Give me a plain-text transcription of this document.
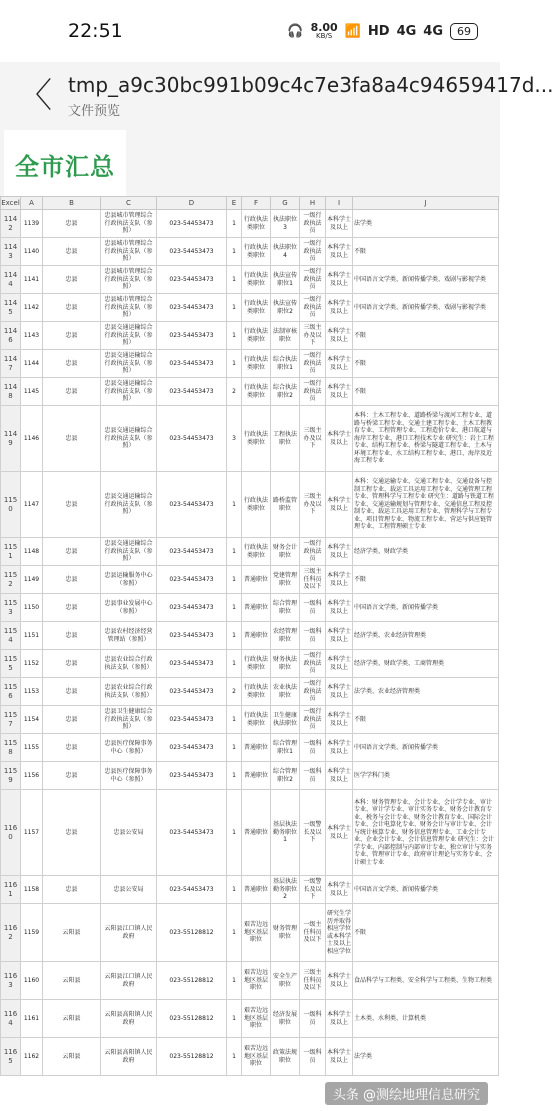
22:51	🎧 8.00
KB/S 📶 HD 4G 4G	69
〈 tmp_a9c30bc991b09c4c7e3fa8a4c94659417d...
文件预览
全市汇总
Excel	A	B	C	D	E	F	G	H	I	J
1142	1139	忠县	忠县城市管理综合行政执法支队（参照）	023-54453473	1	行政执法类职位	执法职位3	一级行政执法员	本科学士及以上	法学类
1143	1140	忠县	忠县城市管理综合行政执法支队（参照）	023-54453473	1	行政执法类职位	执法职位4	一级行政执法员	本科学士及以上	不限
1144	1141	忠县	忠县城市管理综合行政执法支队（参照）	023-54453473	1	行政执法类职位	执法宣传职位1	一级行政执法员	本科学士及以上	中国语言文学类、新闻传播学类、戏剧与影视学类
1145	1142	忠县	忠县城市管理综合行政执法支队（参照）	023-54453473	1	行政执法类职位	执法宣传职位2	一级行政执法员	本科学士及以上	中国语言文学类、新闻传播学类、戏剧与影视学类
1146	1143	忠县	忠县交通运输综合行政执法支队（参照）	023-54453473	1	行政执法类职位	法制审核职位	三级主办及以下	本科学士及以上	不限
1147	1144	忠县	忠县交通运输综合行政执法支队（参照）	023-54453473	1	行政执法类职位	综合执法职位1	一级行政执法员	本科学士及以上	不限
1148	1145	忠县	忠县交通运输综合行政执法支队（参照）	023-54453473	2	行政执法类职位	综合执法职位2	一级行政执法员	本科学士及以上	不限
1149	1146	忠县	忠县交通运输综合行政执法支队（参照）	023-54453473	3	行政执法类职位	工程执法职位	三级主办及以下	本科学士及以上	本科：土木工程专业、道路桥梁与渡河工程专业、道路与桥梁工程专业、交通土建工程专业、土木工程教育专业、工程管理专业、工程造价专业、港口航道与海岸工程专业、港口工程技术专业 研究生：岩土工程专业、结构工程专业、桥梁与隧道工程专业、土木与环境工程专业、水工结构工程专业、港口、海岸及近海工程专业
1150	1147	忠县	忠县交通运输综合行政执法支队（参照）	023-54453473	1	行政执法类职位	路桥监管职位	三级主办及以下	本科学士及以上	本科：交通运输专业、交通工程专业、交通设备与控制工程专业、载运工具运用工程专业、交通管理工程专业、管理科学与工程专业 研究生：道路与铁道工程专业、交通运输规划与管理专业、交通信息工程及控制专业、载运工具运用工程专业、管理科学与工程专业、项目管理专业、物流工程专业、营运与供应链管理专业、工程管理硕士专业
1151	1148	忠县	忠县交通运输综合行政执法支队（参照）	023-54453473	1	行政执法类职位	财务会计职位	一级行政执法员	本科学士及以上	经济学类、财政学类
1152	1149	忠县	忠县运输服务中心（参照）	023-54453473	1	普通职位	党建管理职位	三级主任科员及以下	本科学士及以上	不限
1153	1150	忠县	忠县事业发展中心（参照）	023-54453473	1	普通职位	综合管理职位	一级科员	本科学士及以上	中国语言文学类、新闻传播学类
1154	1151	忠县	忠县农村经济经营管理站（参照）	023-54453473	1	普通职位	农经管理职位	一级科员	本科学士及以上	经济学类、农业经济管理类
1155	1152	忠县	忠县农业综合行政执法支队（参照）	023-54453473	1	行政执法类职位	财务执法职位	一级行政执法员	本科学士及以上	经济学类、财政学类、工商管理类
1156	1153	忠县	忠县农业综合行政执法支队（参照）	023-54453473	2	行政执法类职位	农业执法职位	一级行政执法员	本科学士及以上	法学类、农业经济管理类
1157	1154	忠县	忠县卫生健康综合行政执法支队（参照）	023-54453473	1	行政执法类职位	卫生健康执法职位	一级行政执法员	本科学士及以上	不限
1158	1155	忠县	忠县医疗保障事务中心（参照）	023-54453473	1	普通职位	综合管理职位1	一级科员	本科学士及以上	中国语言文学类、新闻传播学类
1159	1156	忠县	忠县医疗保障事务中心（参照）	023-54453473	1	普通职位	综合管理职位2	一级科员	本科学士及以上	医学学科门类
1160	1157	忠县	忠县公安局	023-54453473	1	普通职位	基层执法勤务职位1	一级警长及以下	本科学士及以上	本科：财务管理专业、会计专业、会计学专业、审计专业、审计学专业、审计实务专业、财务会计教育专业、税务与会计专业、财务会计教育专业、国际会计专业、会计电算化专业、财务会计与审计专业、会计与统计核算专业、财务信息管理专业、工业会计专业、企业会计专业、会计信息管理专业 研究生：会计学专业、内部控制与内部审计专业、独立审计与实务专业、管理审计专业、政府审计理论与实务专业、会计硕士专业
1161	1158	忠县	忠县公安局	023-54453473	1	普通职位	基层执法勤务职位2	一级警长及以下	本科学士及以上	中国语言文学类、新闻传播学类
1162	1159	云阳县	云阳县江口镇人民政府	023-55128812	1	艰苦边远地区基层职位	财务管理职位	一级主任科员及以下	研究生学历并取得相应学位或本科学士及以上相应学位	不限
1163	1160	云阳县	云阳县江口镇人民政府	023-55128812	1	艰苦边远地区基层职位	安全生产职位	三级主任科员及以下	本科学士及以上	食品科学与工程类、安全科学与工程类、生物工程类
1164	1161	云阳县	云阳县高阳镇人民政府	023-55128812	1	艰苦边远地区基层职位	经济发展职位	一级科员	本科学士及以上	土木类、水利类、计算机类
1165	1162	云阳县	云阳县高阳镇人民政府	023-55128812	1	艰苦边远地区基层职位	政策法规职位	一级科员	本科学士及以上	法学类
头条 @测绘地理信息研究
